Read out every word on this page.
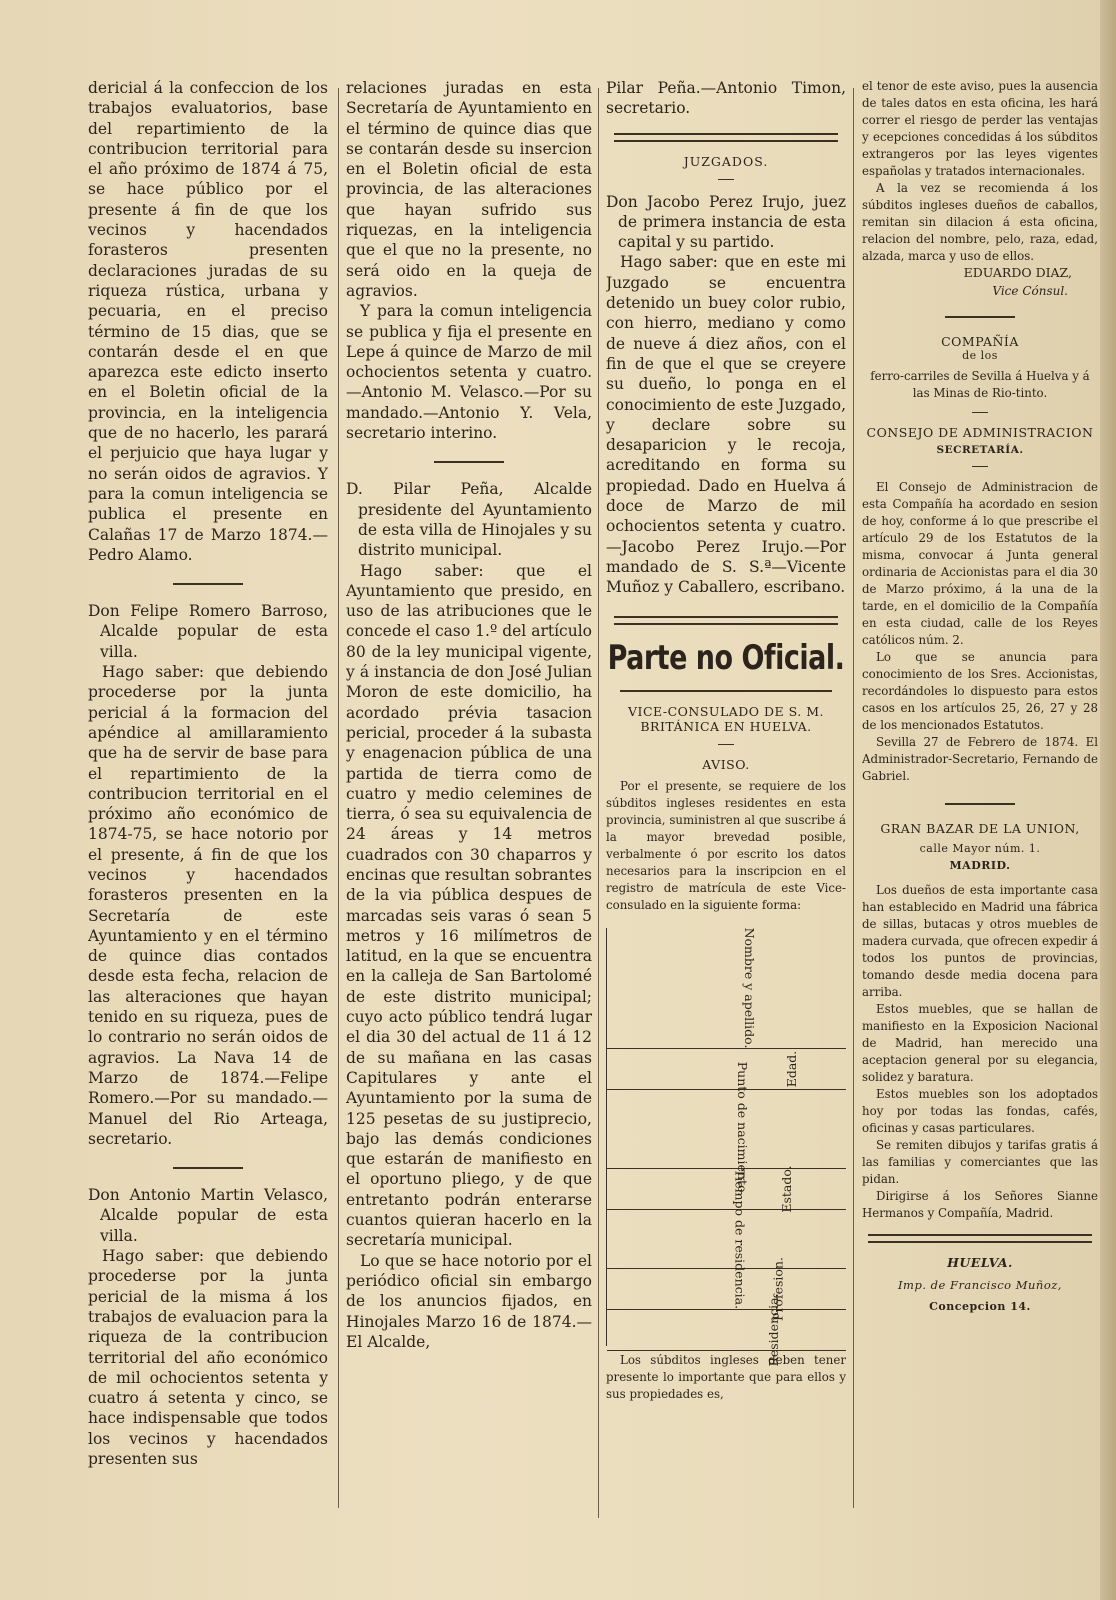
dericial á la confeccion de los trabajos evaluatorios, base del repartimiento de la contribucion territorial para el año próximo de 1874 á 75, se hace público por el presente á fin de que los vecinos y hacendados forasteros presenten declaraciones juradas de su riqueza rústica, urbana y pecuaria, en el preciso término de 15 dias, que se contarán desde el en que aparezca este edicto inserto en el Boletin oficial de la provincia, en la inteligencia que de no hacerlo, les parará el perjuicio que haya lugar y no serán oidos de agravios. Y para la comun inteligencia se publica el presente en Calañas 17 de Marzo 1874.—Pedro Alamo.

Don Felipe Romero Barroso, Alcalde popular de esta villa.

Hago saber: que debiendo procederse por la junta pericial á la formacion del apéndice al amillaramiento que ha de servir de base para el repartimiento de la contribucion territorial en el próximo año económico de 1874-75, se hace notorio por el presente, á fin de que los vecinos y hacendados forasteros presenten en la Secretaría de este Ayuntamiento y en el término de quince dias contados desde esta fecha, relacion de las alteraciones que hayan tenido en su riqueza, pues de lo contrario no serán oidos de agravios. La Nava 14 de Marzo de 1874.—Felipe Romero.—Por su mandado.—Manuel del Rio Arteaga, secretario.

Don Antonio Martin Velasco, Alcalde popular de esta villa.

Hago saber: que debiendo procederse por la junta pericial de la misma á los trabajos de evaluacion para la riqueza de la contribucion territorial del año económico de mil ochocientos setenta y cuatro á setenta y cinco, se hace indispensable que todos los vecinos y hacendados presenten sus

relaciones juradas en esta Secretaría de Ayuntamiento en el término de quince dias que se contarán desde su insercion en el Boletin oficial de esta provincia, de las alteraciones que hayan sufrido sus riquezas, en la inteligencia que el que no la presente, no será oido en la queja de agravios.

Y para la comun inteligencia se publica y fija el presente en Lepe á quince de Marzo de mil ochocientos setenta y cuatro.—Antonio M. Velasco.—Por su mandado.—Antonio Y. Vela, secretario interino.

D. Pilar Peña, Alcalde presidente del Ayuntamiento de esta villa de Hinojales y su distrito municipal.

Hago saber: que el Ayuntamiento que presido, en uso de las atribuciones que le concede el caso 1.º del artículo 80 de la ley municipal vigente, y á instancia de don José Julian Moron de este domicilio, ha acordado prévia tasacion pericial, proceder á la subasta y enagenacion pública de una partida de tierra como de cuatro y medio celemines de tierra, ó sea su equivalencia de 24 áreas y 14 metros cuadrados con 30 chaparros y encinas que resultan sobrantes de la via pública despues de marcadas seis varas ó sean 5 metros y 16 milímetros de latitud, en la que se encuentra en la calleja de San Bartolomé de este distrito municipal; cuyo acto público tendrá lugar el dia 30 del actual de 11 á 12 de su mañana en las casas Capitulares y ante el Ayuntamiento por la suma de 125 pesetas de su justiprecio, bajo las demás condiciones que estarán de manifiesto en el oportuno pliego, y de que entretanto podrán enterarse cuantos quieran hacerlo en la secretaría municipal.

Lo que se hace notorio por el periódico oficial sin embargo de los anuncios fijados, en Hinojales Marzo 16 de 1874.—El Alcalde,

Pilar Peña.—Antonio Timon, secretario.

JUZGADOS.

Don Jacobo Perez Irujo, juez de primera instancia de esta capital y su partido.

Hago saber: que en este mi Juzgado se encuentra detenido un buey color rubio, con hierro, mediano y como de nueve á diez años, con el fin de que el que se creyere su dueño, lo ponga en el conocimiento de este Juzgado, y declare sobre su desaparicion y le recoja, acreditando en forma su propiedad. Dado en Huelva á doce de Marzo de mil ochocientos setenta y cuatro.—Jacobo Perez Irujo.—Por mandado de S. S.ª—Vicente Muñoz y Caballero, escribano.

Parte no Oficial.
VICE-CONSULADO DE S. M. BRITÁNICA EN HUELVA.
AVISO.

Por el presente, se requiere de los súbditos ingleses residentes en esta provincia, suministren al que suscribe á la mayor brevedad posible, verbalmente ó por escrito los datos necesarios para la inscripcion en el registro de matrícula de este Vice-consulado en la siguiente forma:

Nombre y apellido.
Edad.
Punto de nacimiento. Estado.
Tiempo de residencia. Profesion.
Residencia.

Los súbditos ingleses deben tener presente lo importante que para ellos y sus propiedades es,

el tenor de este aviso, pues la ausencia de tales datos en esta oficina, les hará correr el riesgo de perder las ventajas y ecepciones concedidas á los súbditos extrangeros por las leyes vigentes españolas y tratados internacionales.

A la vez se recomienda á los súbditos ingleses dueños de caballos, remitan sin dilacion á esta oficina, relacion del nombre, pelo, raza, edad, alzada, marca y uso de ellos.

EDUARDO DIAZ,
Vice Cónsul.
COMPAÑÍA
de los
ferro-carriles de Sevilla á Huelva y á las Minas de Rio-tinto.
CONSEJO DE ADMINISTRACION
SECRETARÍA.

El Consejo de Administracion de esta Compañía ha acordado en sesion de hoy, conforme á lo que prescribe el artículo 29 de los Estatutos de la misma, convocar á Junta general ordinaria de Accionistas para el dia 30 de Marzo próximo, á la una de la tarde, en el domicilio de la Compañía en esta ciudad, calle de los Reyes católicos núm. 2.

Lo que se anuncia para conocimiento de los Sres. Accionistas, recordándoles lo dispuesto para estos casos en los artículos 25, 26, 27 y 28 de los mencionados Estatutos.

Sevilla 27 de Febrero de 1874. El Administrador-Secretario, Fernando de Gabriel.

GRAN BAZAR DE LA UNION,
calle Mayor núm. 1.
MADRID.

Los dueños de esta importante casa han establecido en Madrid una fábrica de sillas, butacas y otros muebles de madera curvada, que ofrecen expedir á todos los puntos de provincias, tomando desde media docena para arriba.

Estos muebles, que se hallan de manifiesto en la Exposicion Nacional de Madrid, han merecido una aceptacion general por su elegancia, solidez y baratura.

Estos muebles son los adoptados hoy por todas las fondas, cafés, oficinas y casas particulares.

Se remiten dibujos y tarifas gratis á las familias y comerciantes que las pidan.

Dirigirse á los Señores Sianne Hermanos y Compañía, Madrid.

HUELVA.
Imp. de Francisco Muñoz,
Concepcion 14.
